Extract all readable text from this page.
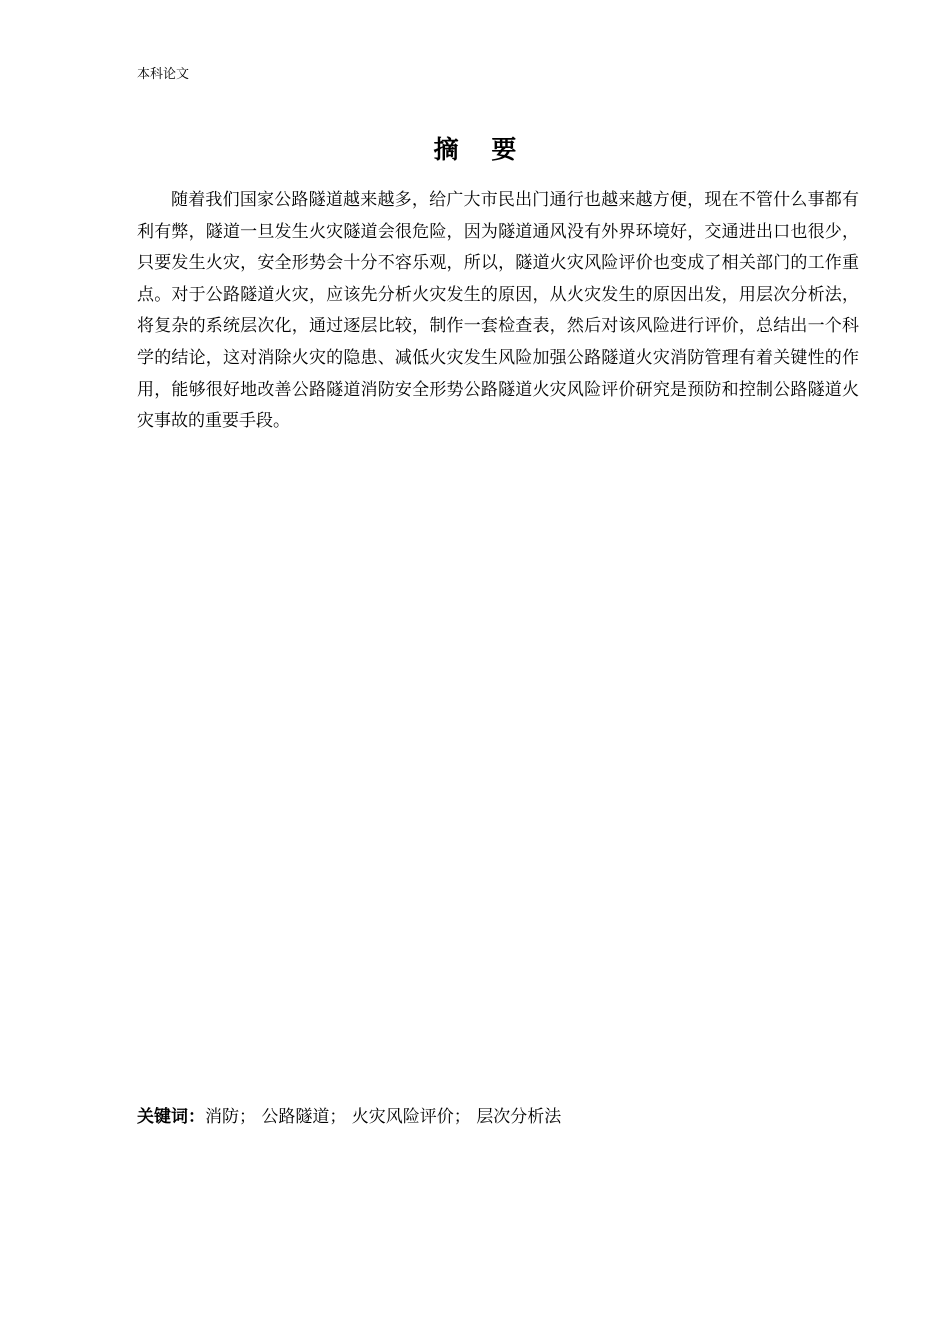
本科论文
摘 要

随着我们国家公路隧道越来越多，给广大市民出门通行也越来越方便，现在不管什么事都有利有弊，隧道一旦发生火灾隧道会很危险，因为隧道通风没有外界环境好，交通进出口也很少，只要发生火灾，安全形势会十分不容乐观，所以，隧道火灾风险评价也变成了相关部门的工作重点。对于公路隧道火灾，应该先分析火灾发生的原因，从火灾发生的原因出发，用层次分析法，将复杂的系统层次化，通过逐层比较，制作一套检查表，然后对该风险进行评价，总结出一个科学的结论，这对消除火灾的隐患、减低火灾发生风险加强公路隧道火灾消防管理有着关键性的作用，能够很好地改善公路隧道消防安全形势公路隧道火灾风险评价研究是预防和控制公路隧道火灾事故的重要手段。

关键词：消防； 公路隧道； 火灾风险评价； 层次分析法
